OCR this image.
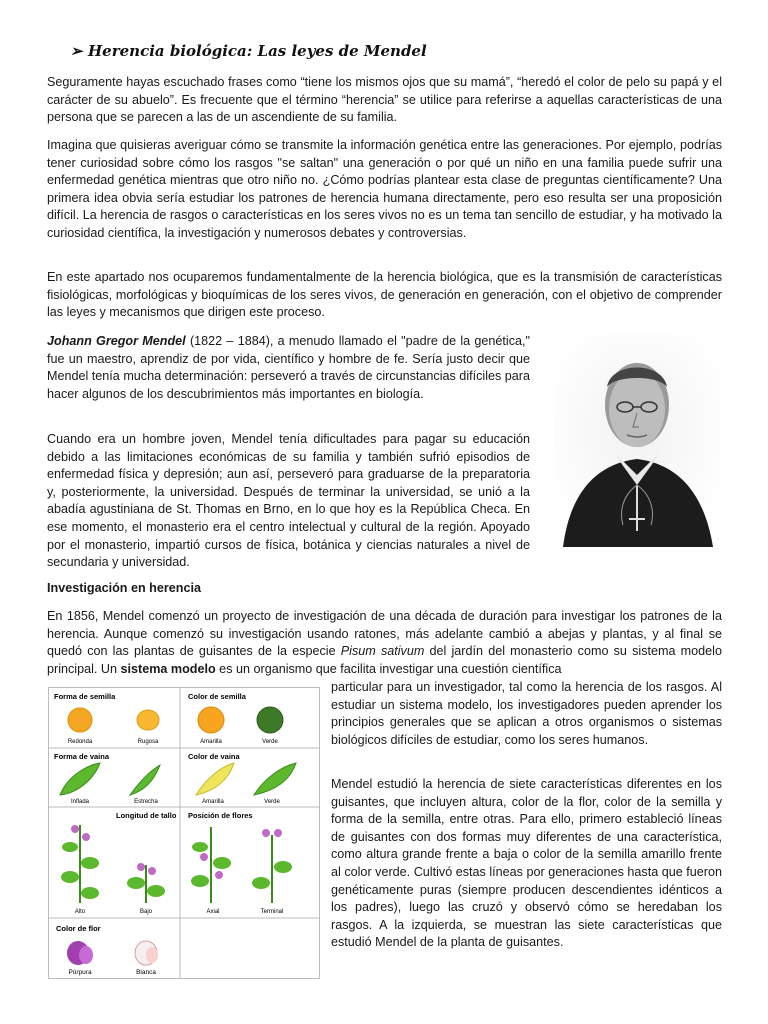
➢ Herencia biológica: Las leyes de Mendel

Seguramente hayas escuchado frases como “tiene los mismos ojos que su mamá”, “heredó el color de pelo su papá y el carácter de su abuelo”. Es frecuente que el término “herencia” se utilice para referirse a aquellas características de una persona que se parecen a las de un ascendiente de su familia.

Imagina que quisieras averiguar cómo se transmite la información genética entre las generaciones. Por ejemplo, podrías tener curiosidad sobre cómo los rasgos "se saltan" una generación o por qué un niño en una familia puede sufrir una enfermedad genética mientras que otro niño no. ¿Cómo podrías plantear esta clase de preguntas científicamente? Una primera idea obvia sería estudiar los patrones de herencia humana directamente, pero eso resulta ser una proposición difícil. La herencia de rasgos o características en los seres vivos no es un tema tan sencillo de estudiar, y ha motivado la curiosidad científica, la investigación y numerosos debates y controversias.

En este apartado nos ocuparemos fundamentalmente de la herencia biológica, que es la transmisión de características fisiológicas, morfológicas y bioquímicas de los seres vivos, de generación en generación, con el objetivo de comprender las leyes y mecanismos que dirigen este proceso.

Johann Gregor Mendel (1822 – 1884), a menudo llamado el "padre de la genética," fue un maestro, aprendiz de por vida, científico y hombre de fe. Sería justo decir que Mendel tenía mucha determinación: perseveró a través de circunstancias difíciles para hacer algunos de los descubrimientos más importantes en biología.

Cuando era un hombre joven, Mendel tenía dificultades para pagar su educación debido a las limitaciones económicas de su familia y también sufrió episodios de enfermedad física y depresión; aun así, perseveró para graduarse de la preparatoria y, posteriormente, la universidad. Después de terminar la universidad, se unió a la abadía agustiniana de St. Thomas en Brno, en lo que hoy es la República Checa. En ese momento, el monasterio era el centro intelectual y cultural de la región. Apoyado por el monasterio, impartió cursos de física, botánica y ciencias naturales a nivel de secundaria y universidad.

Investigación en herencia

En 1856, Mendel comenzó un proyecto de investigación de una década de duración para investigar los patrones de la herencia. Aunque comenzó su investigación usando ratones, más adelante cambió a abejas y plantas, y al final se quedó con las plantas de guisantes de la especie Pisum sativum del jardín del monasterio como su sistema modelo principal. Un sistema modelo es un organismo que facilita investigar una cuestión científica

particular para un investigador, tal como la herencia de los rasgos. Al estudiar un sistema modelo, los investigadores pueden aprender los principios generales que se aplican a otros organismos o sistemas biológicos difíciles de estudiar, como los seres humanos.

Mendel estudió la herencia de siete características diferentes en los guisantes, que incluyen altura, color de la flor, color de la semilla y forma de la semilla, entre otras. Para ello, primero estableció líneas de guisantes con dos formas muy diferentes de una característica, como altura grande frente a baja o color de la semilla amarillo frente al color verde. Cultivó estas líneas por generaciones hasta que fueron genéticamente puras (siempre producen descendientes idénticos a los padres), luego las cruzó y observó cómo se heredaban los rasgos. A la izquierda, se muestran las siete características que estudió Mendel de la planta de guisantes.

Forma de semilla
Redonda	Rugosa
Color de semilla
Amarilla	Verde
Forma de vaina
Inflada	Estrecha
Color de vaina
Amarilla	Verde
Longitud de tallo
Alto	Bajo
Posición de flores
Axial	Terminal
Color de flor
Púrpura	Blanca
